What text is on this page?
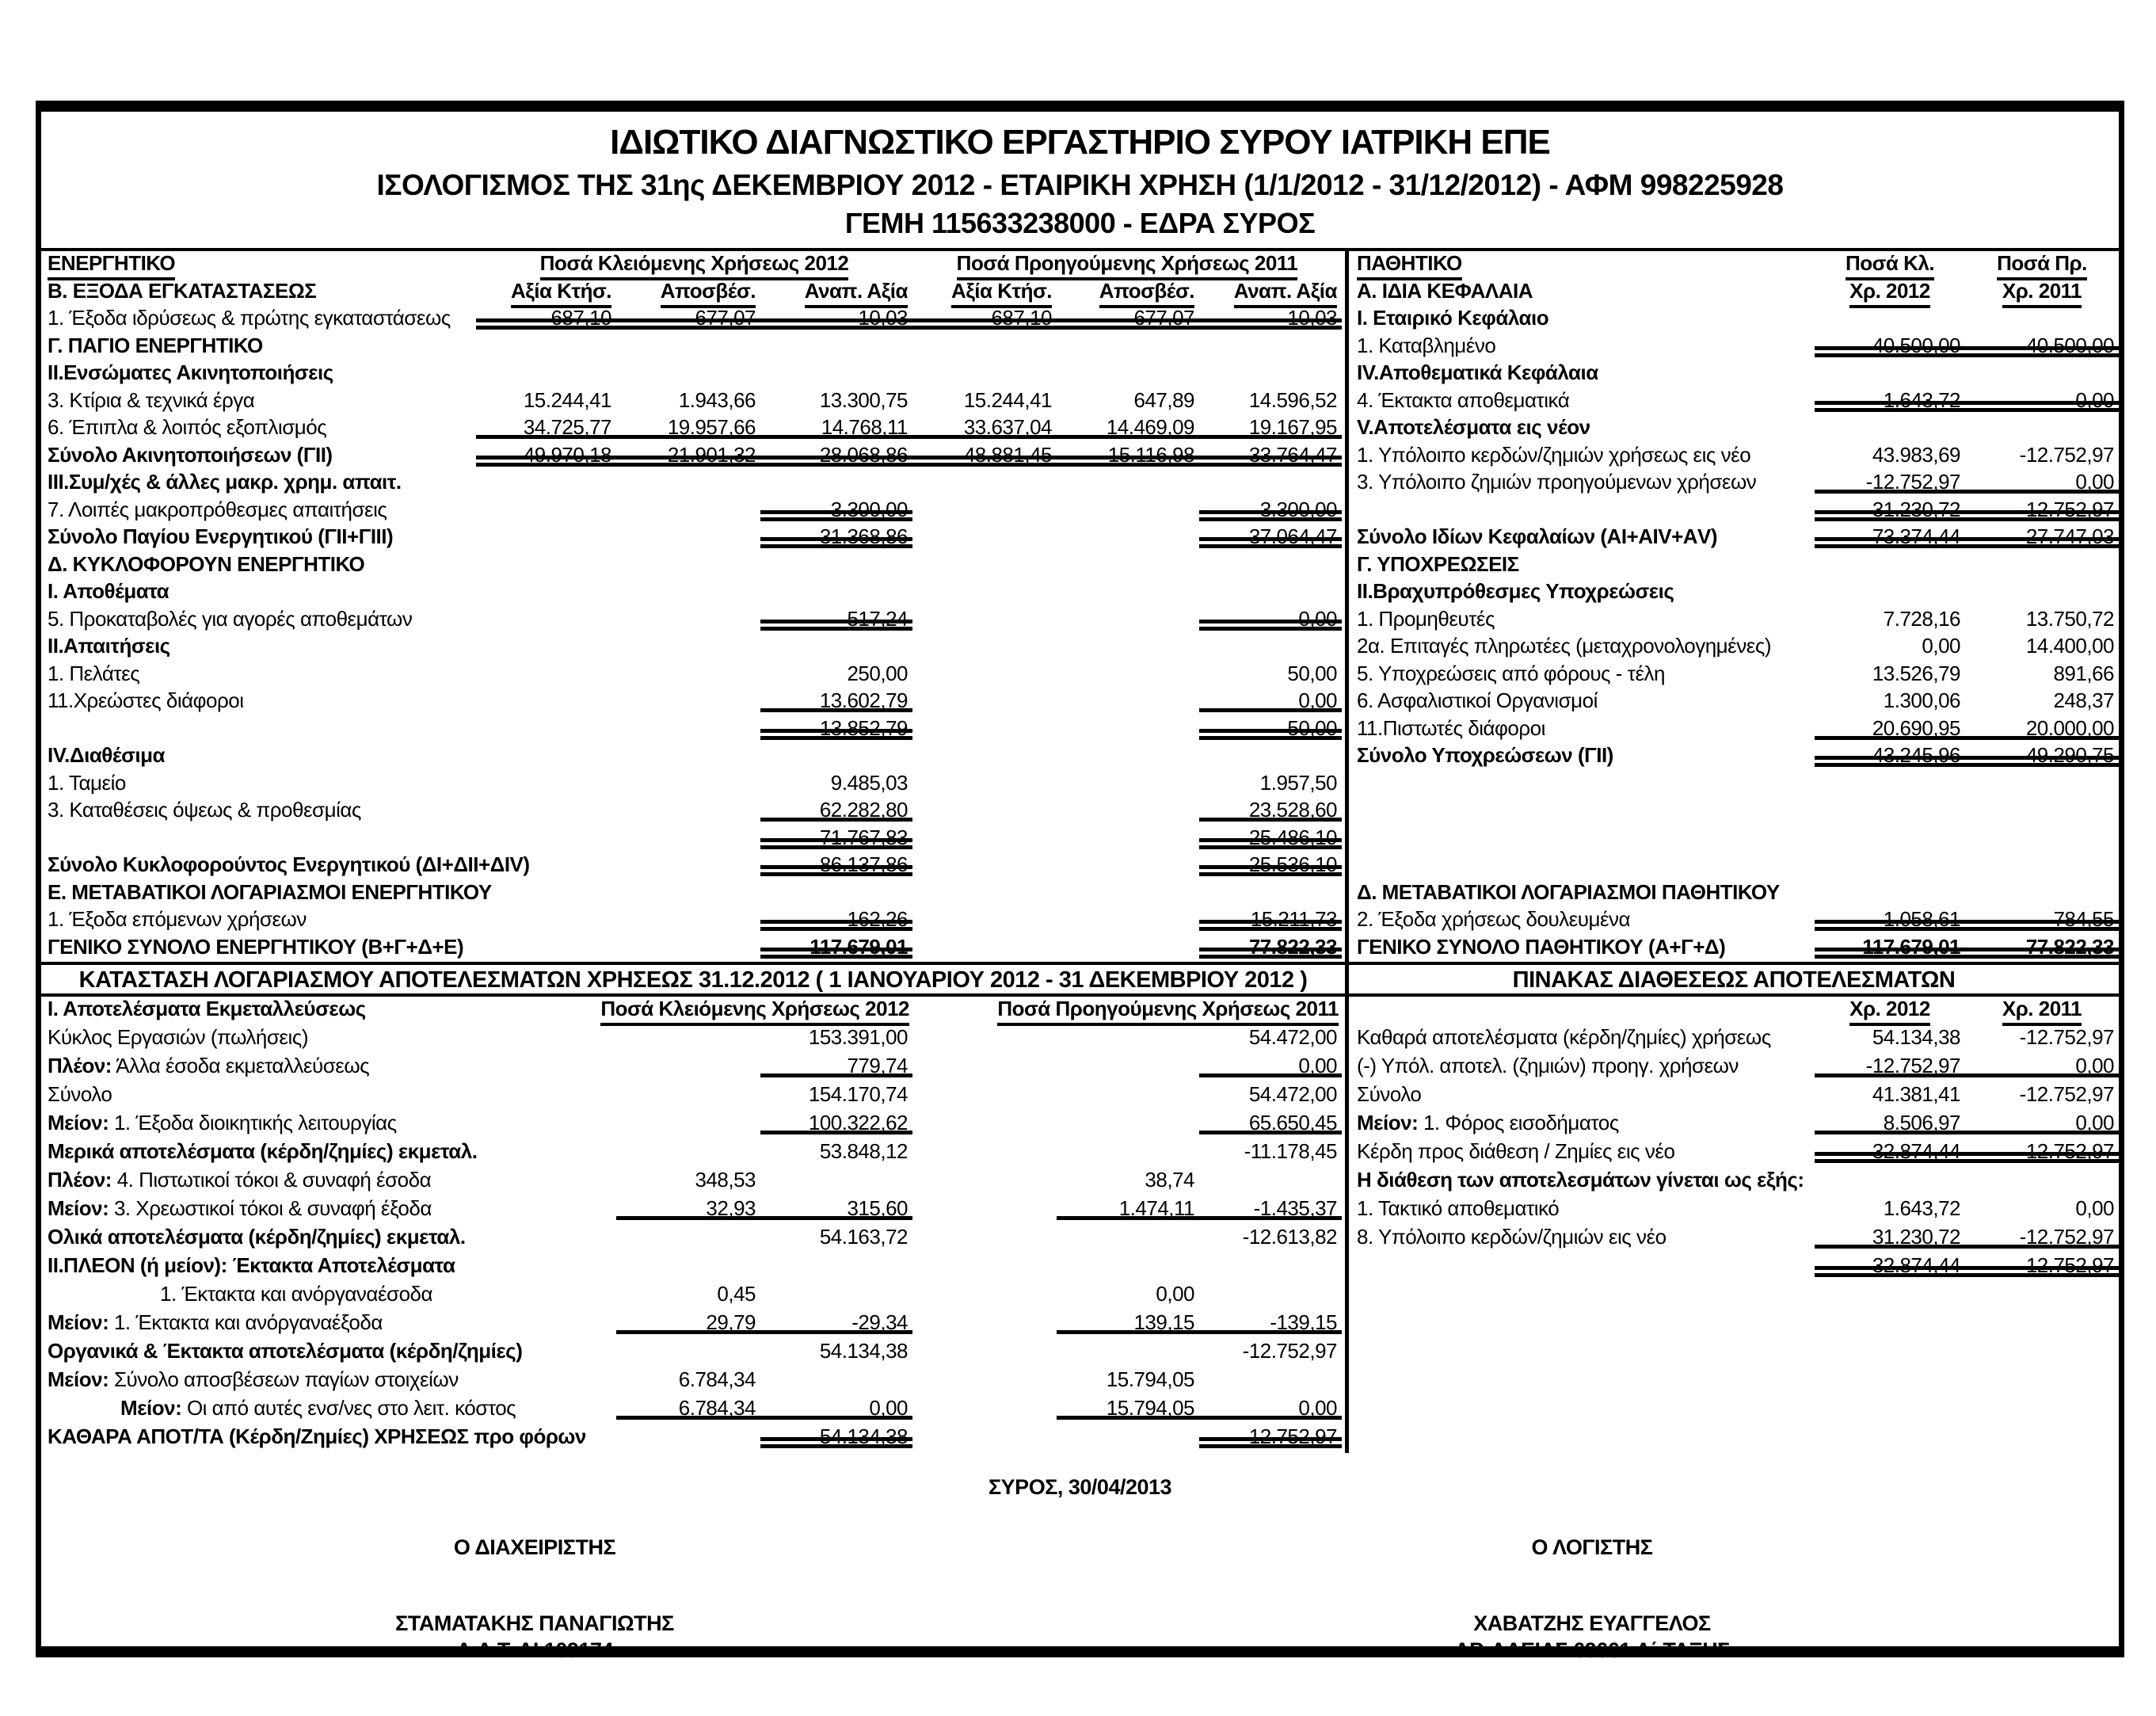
ΙΔΙΩΤΙΚΟ ΔΙΑΓΝΩΣΤΙΚΟ ΕΡΓΑΣΤΗΡΙΟ ΣΥΡΟΥ ΙΑΤΡΙΚΗ ΕΠΕ
ΙΣΟΛΟΓΙΣΜΟΣ ΤΗΣ 31ης ΔΕΚΕΜΒΡΙΟΥ 2012 - ΕΤΑΙΡΙΚΗ ΧΡΗΣΗ (1/1/2012 - 31/12/2012) - ΑΦΜ 998225928
ΓΕΜΗ 115633238000 - ΕΔΡΑ ΣΥΡΟΣ
ΕΝΕΡΓΗΤΙΚΟ	Ποσά Κλειόμενης Χρήσεως 2012	Ποσά Προηγούμενης Χρήσεως 2011
Β. ΕΞΟΔΑ ΕΓΚΑΤΑΣΤΑΣΕΩΣ	Αξία Κτήσ.	Αποσβέσ.	Αναπ. Αξία	Αξία Κτήσ.	Αποσβέσ.	Αναπ. Αξία
1. Έξοδα ιδρύσεως & πρώτης εγκαταστάσεως	687,10	677,07	10,03	687,10	677,07	10,03
Γ. ΠΑΓΙΟ ΕΝΕΡΓΗΤΙΚΟ
ΙΙ.Ενσώματες Ακινητοποιήσεις
3. Κτίρια & τεχνικά έργα	15.244,41	1.943,66	13.300,75	15.244,41	647,89	14.596,52
6. Έπιπλα & λοιπός εξοπλισμός	34.725,77	19.957,66	14.768,11	33.637,04	14.469,09	19.167,95
Σύνολο Ακινητοποιήσεων (ΓΙΙ)	49.970,18	21.901,32	28.068,86	48.881,45	15.116,98	33.764,47
ΙΙΙ.Συμ/χές & άλλες μακρ. χρημ. απαιτ.
7. Λοιπές μακροπρόθεσμες απαιτήσεις	3.300,00	3.300,00
Σύνολο Παγίου Ενεργητικού (ΓΙΙ+ΓΙΙΙ)	31.368,86	37.064,47
Δ. ΚΥΚΛΟΦΟΡΟΥΝ ΕΝΕΡΓΗΤΙΚΟ
Ι. Αποθέματα
5. Προκαταβολές για αγορές αποθεμάτων	517,24	0,00
ΙΙ.Απαιτήσεις
1. Πελάτες	250,00	50,00
11.Χρεώστες διάφοροι	13.602,79	0,00
13.852,79	50,00
IV.Διαθέσιμα
1. Ταμείο	9.485,03	1.957,50
3. Καταθέσεις όψεως & προθεσμίας	62.282,80	23.528,60
71.767,83	25.486,10
Σύνολο Κυκλοφορούντος Ενεργητικού (ΔΙ+ΔΙΙ+ΔΙV)	86.137,86	25.536,10
Ε. ΜΕΤΑΒΑΤΙΚΟΙ ΛΟΓΑΡΙΑΣΜΟΙ ΕΝΕΡΓΗΤΙΚΟΥ
1. Έξοδα επόμενων χρήσεων	162,26	15.211,73
ΓΕΝΙΚΟ ΣΥΝΟΛΟ ΕΝΕΡΓΗΤΙΚΟΥ (Β+Γ+Δ+Ε)	117.679,01	77.822,33
ΠΑΘΗΤΙΚΟ	Ποσά Κλ.	Ποσά Πρ.
Α. ΙΔΙΑ ΚΕΦΑΛΑΙΑ	Χρ. 2012	Χρ. 2011
Ι. Εταιρικό Κεφάλαιο
1. Καταβλημένο	40.500,00	40.500,00
IV.Αποθεματικά Κεφάλαια
4. Έκτακτα αποθεματικά	1.643,72	0,00
V.Αποτελέσματα εις νέον
1. Υπόλοιπο κερδών/ζημιών χρήσεως εις νέο	43.983,69	-12.752,97
3. Υπόλοιπο ζημιών προηγούμενων χρήσεων	-12.752,97	0,00
31.230,72	-12.752,97
Σύνολο Ιδίων Κεφαλαίων (ΑΙ+ΑΙV+ΑV)	73.374,44	27.747,03
Γ. ΥΠΟΧΡΕΩΣΕΙΣ
ΙΙ.Βραχυπρόθεσμες Υποχρεώσεις
1. Προμηθευτές	7.728,16	13.750,72
2α. Επιταγές πληρωτέες (μεταχρονολογημένες)	0,00	14.400,00
5. Υποχρεώσεις από φόρους - τέλη	13.526,79	891,66
6. Ασφαλιστικοί Οργανισμοί	1.300,06	248,37
11.Πιστωτές διάφοροι	20.690,95	20.000,00
Σύνολο Υποχρεώσεων (ΓΙΙ)	43.245,96	49.290,75
Δ. ΜΕΤΑΒΑΤΙΚΟΙ ΛΟΓΑΡΙΑΣΜΟΙ ΠΑΘΗΤΙΚΟΥ
2. Έξοδα χρήσεως δουλευμένα	1.058,61	784,55
ΓΕΝΙΚΟ ΣΥΝΟΛΟ ΠΑΘΗΤΙΚΟΥ (Α+Γ+Δ)	117.679,01	77.822,33
ΚΑΤΑΣΤΑΣΗ ΛΟΓΑΡΙΑΣΜΟΥ ΑΠΟΤΕΛΕΣΜΑΤΩΝ ΧΡΗΣΕΩΣ 31.12.2012 ( 1 ΙΑΝΟΥΑΡΙΟΥ 2012 - 31 ΔΕΚΕΜΒΡΙΟΥ 2012 )	ΠΙΝΑΚΑΣ ΔΙΑΘΕΣΕΩΣ ΑΠΟΤΕΛΕΣΜΑΤΩΝ
Ι. Αποτελέσματα Εκμεταλλεύσεως	Ποσά Κλειόμενης Χρήσεως 2012	Ποσά Προηγούμενης Χρήσεως 2011
Κύκλος Εργασιών (πωλήσεις)	153.391,00	54.472,00
Πλέον: Άλλα έσοδα εκμεταλλεύσεως	779,74	0,00
Σύνολο	154.170,74	54.472,00
Μείον: 1. Έξοδα διοικητικής λειτουργίας	100.322,62	65.650,45
Μερικά αποτελέσματα (κέρδη/ζημίες) εκμεταλ.	53.848,12	-11.178,45
Πλέον: 4. Πιστωτικοί τόκοι & συναφή έσοδα	348,53	38,74
Μείον: 3. Χρεωστικοί τόκοι & συναφή έξοδα	32,93	315,60	1.474,11	-1.435,37
Ολικά αποτελέσματα (κέρδη/ζημίες) εκμεταλ.	54.163,72	-12.613,82
ΙΙ.ΠΛΕΟΝ (ή μείον): Έκτακτα Αποτελέσματα
1. Έκτακτα και ανόργαναέσοδα	0,45	0,00
Μείον: 1. Έκτακτα και ανόργαναέξοδα	29,79	-29,34	139,15	-139,15
Οργανικά & Έκτακτα αποτελέσματα (κέρδη/ζημίες)	54.134,38	-12.752,97
Μείον: Σύνολο αποσβέσεων παγίων στοιχείων	6.784,34	15.794,05
Μείον: Οι από αυτές ενσ/νες στο λειτ. κόστος	6.784,34	0,00	15.794,05	0,00
ΚΑΘΑΡΑ ΑΠΟΤ/ΤΑ (Κέρδη/Ζημίες) ΧΡΗΣΕΩΣ προ φόρων	54.134,38	-12.752,97
Χρ. 2012	Χρ. 2011
Καθαρά αποτελέσματα (κέρδη/ζημίες) χρήσεως	54.134,38	-12.752,97
(-) Υπόλ. αποτελ. (ζημιών) προηγ. χρήσεων	-12.752,97	0,00
Σύνολο	41.381,41	-12.752,97
Μείον: 1. Φόρος εισοδήματος	8.506,97	0,00
Κέρδη προς διάθεση / Ζημίες εις νέο	32.874,44	-12.752,97
Η διάθεση των αποτελεσμάτων γίνεται ως εξής:
1. Τακτικό αποθεματικό	1.643,72	0,00
8. Υπόλοιπο κερδών/ζημιών εις νέο	31.230,72	-12.752,97
32.874,44	-12.752,97
ΣΥΡΟΣ, 30/04/2013
Ο ΔΙΑΧΕΙΡΙΣΤΗΣ	Ο ΛΟΓΙΣΤΗΣ
ΣΤΑΜΑΤΑΚΗΣ ΠΑΝΑΓΙΩΤΗΣ
Α.Δ.Τ. ΑΙ 109174
ΧΑΒΑΤΖΗΣ ΕΥΑΓΓΕΛΟΣ
ΑΡ. ΑΔΕΙΑΣ 69661 Α΄ ΤΑΞΗΣ
